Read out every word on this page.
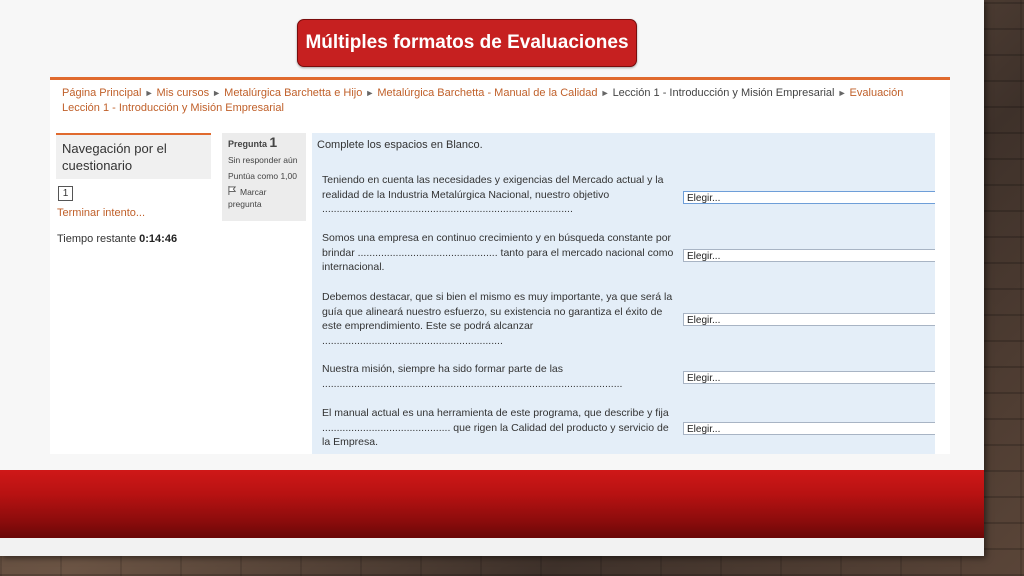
Múltiples formatos de Evaluaciones
Página Principal ► Mis cursos ► Metalúrgica Barchetta e Hijo ► Metalúrgica Barchetta - Manual de la Calidad ► Lección 1 - Introducción y Misión Empresarial ► Evaluación Lección 1 - Introducción y Misión Empresarial
Navegación por el cuestionario
1
Terminar intento...
Tiempo restante 0:14:46
Pregunta 1

Sin responder aún

Puntúa como 1,00

Marcar pregunta
Complete los espacios en Blanco.
Teniendo en cuenta las necesidades y exigencias del Mercado actual y la realidad de la Industria Metalúrgica Nacional, nuestro objetivo ......................................................................................
Elegir...
Somos una empresa en continuo crecimiento y en búsqueda constante por brindar ................................................ tanto para el mercado nacional como internacional.
Elegir...
Debemos destacar, que si bien el mismo es muy importante, ya que será la guía que alineará nuestro esfuerzo, su existencia no garantiza el éxito de este emprendimiento. Este se podrá alcanzar ..............................................................
Elegir...
Nuestra misión, siempre ha sido formar parte de las .......................................................................................................	Elegir...
El manual actual es una herramienta de este programa, que describe y fija ............................................ que rigen la Calidad del producto y servicio de la Empresa.
Elegir...
